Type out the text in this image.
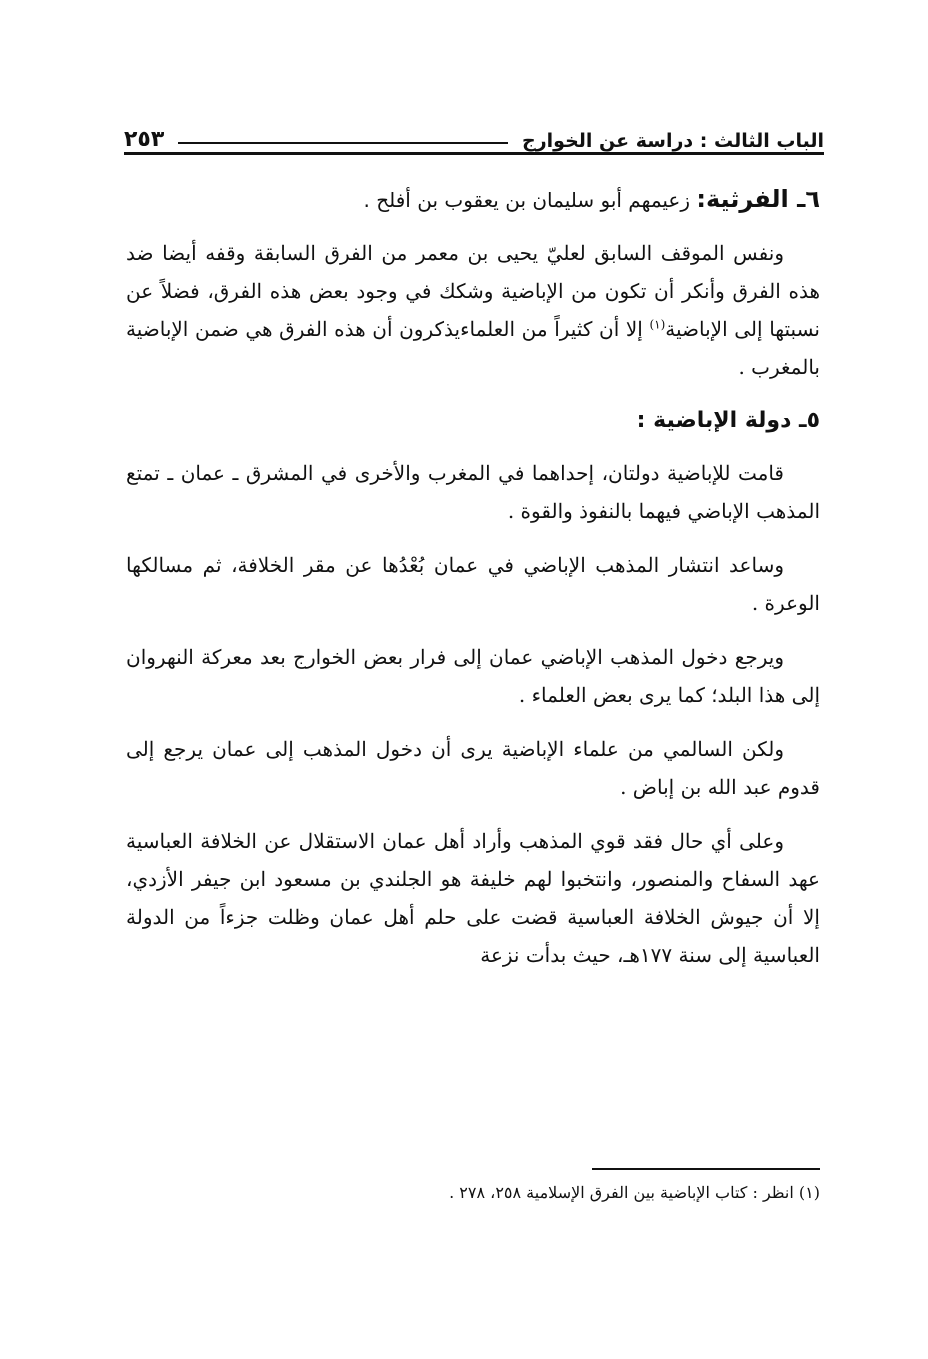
الباب الثالث : دراسة عن الخوارج
٢٥٣
٦ـ الفرثية: زعيمهم أبو سليمان بن يعقوب بن أفلح .

ونفس الموقف السابق لعليّ يحيى بن معمر من الفرق السابقة وقفه أيضا ضد هذه الفرق وأنكر أن تكون من الإباضية وشكك في وجود بعض هذه الفرق، فضلاً عن نسبتها إلى الإباضية$^{(١)}$ إلا أن كثيراً من العلماءيذكرون أن هذه الفرق هي ضمن الإباضية بالمغرب .

٥ـ دولة الإباضية :

قامت للإباضية دولتان، إحداهما في المغرب والأخرى في المشرق ـ عمان ـ تمتع المذهب الإباضي فيهما بالنفوذ والقوة .

وساعد انتشار المذهب الإباضي في عمان بُعْدُها عن مقر الخلافة، ثم مسالكها الوعرة .

ويرجع دخول المذهب الإباضي عمان إلى فرار بعض الخوارج بعد معركة النهروان إلى هذا البلد؛ كما يرى بعض العلماء .

ولكن السالمي من علماء الإباضية يرى أن دخول المذهب إلى عمان يرجع إلى قدوم عبد الله بن إباض .

وعلى أي حال فقد قوي المذهب وأراد أهل عمان الاستقلال عن الخلافة العباسية عهد السفاح والمنصور، وانتخبوا لهم خليفة هو الجلندي بن مسعود ابن جيفر الأزدي، إلا أن جيوش الخلافة العباسية قضت على حلم أهل عمان وظلت جزءاً من الدولة العباسية إلى سنة ١٧٧هـ، حيث بدأت نزعة

(١) انظر : كتاب الإباضية بين الفرق الإسلامية ٢٥٨، ٢٧٨ .
